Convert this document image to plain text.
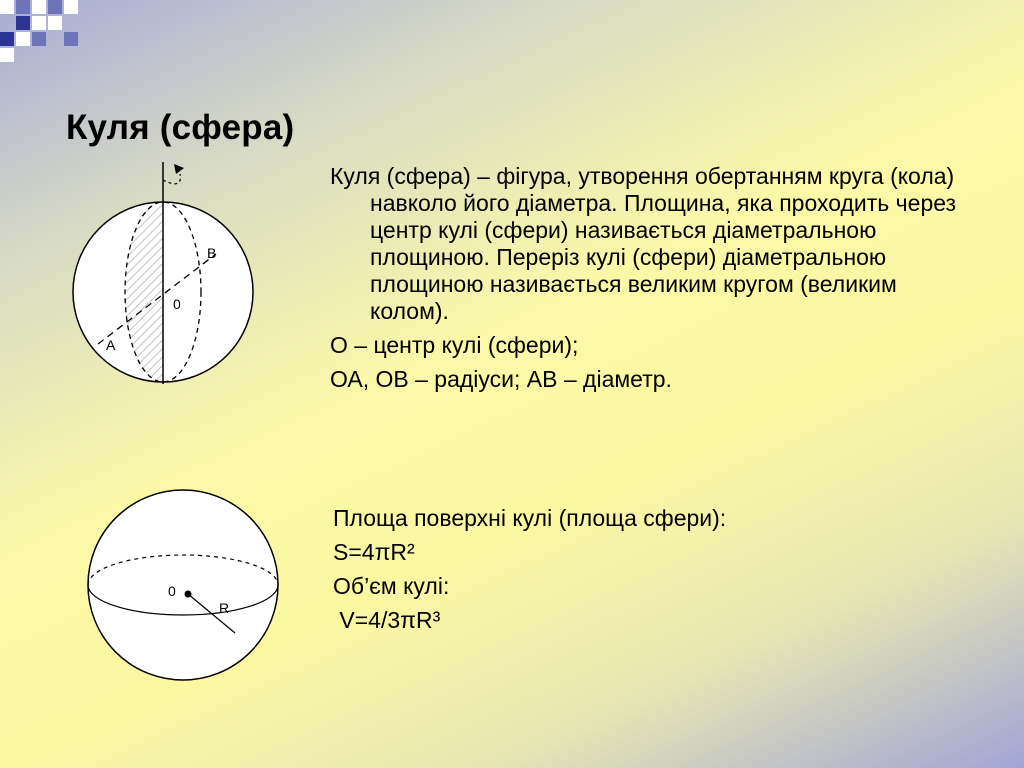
Куля (сфера)
B
0
A

Куля (сфера) – фігура, утворення обертанням круга (кола) навколо його діаметра. Площина, яка проходить через центр кулі (сфери) називається діаметральною площиною. Переріз кулі (сфери) діаметральною площиною називається великим кругом (великим колом).

О – центр кулі (сфери);

ОА, ОВ – радіуси; АВ – діаметр.

0
R

Площа поверхні кулі (площа сфери):

S=4πR²

Об’єм кулі:

V=4/3πR³
